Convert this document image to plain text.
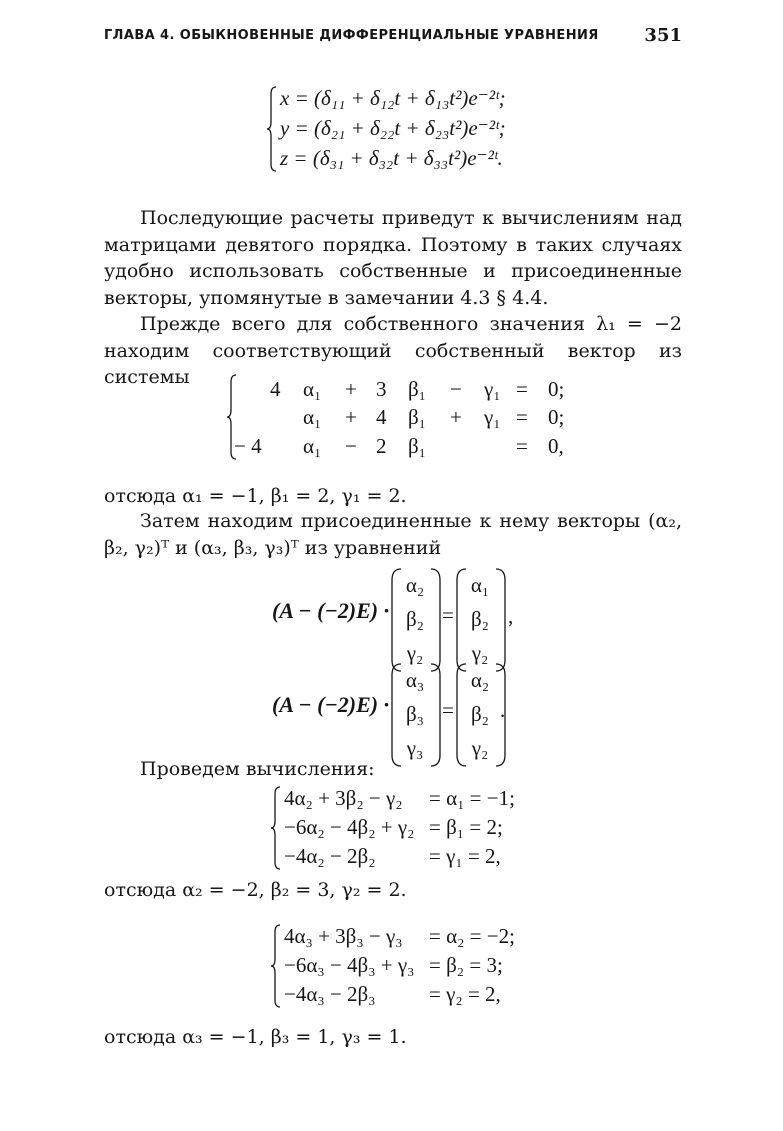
ГЛАВА 4. ОБЫКНОВЕННЫЕ ДИФФЕРЕНЦИАЛЬНЫЕ УРАВНЕНИЯ	351
x = (δ₁₁ + δ₁₂t + δ₁₃t²)e⁻²ᵗ;
y = (δ₂₁ + δ₂₂t + δ₂₃t²)e⁻²ᵗ;
z = (δ₃₁ + δ₃₂t + δ₃₃t²)e⁻²ᵗ.

Последующие расчеты приведут к вычислениям над матрицами девятого порядка. Поэтому в таких случаях удобно использовать собственные и присоединенные векторы, упомянутые в замечании 4.3 § 4.4.

Прежде всего для собственного значения λ₁ = −2 находим соответствующий собственный вектор из системы	4 α₁ + 3 β₁ − γ₁ = 0;
α₁ + 4 β₁ + γ₁ = 0;
− 4 α₁ − 2 β₁	= 0,
отсюда α₁ = −1, β₁ = 2, γ₁ = 2.

Затем находим присоединенные к нему векторы (α₂, β₂, γ₂)ᵀ и (α₃, β₃, γ₃)ᵀ из уравнений

(A − (−2)E) ·
α₂
β₂
γ₂
=
α₁
β₂
γ₂
,
(A − (−2)E) ·
α₃
β₃
γ₃
=
α₂
β₂
γ₂
.
Проведем вычисления:
4α₂ + 3β₂ − γ₂ = α₁ = −1;
−6α₂ − 4β₂ + γ₂ = β₁ = 2;
−4α₂ − 2β₂	= γ₁ = 2,
отсюда α₂ = −2, β₂ = 3, γ₂ = 2.
4α₃ + 3β₃ − γ₃ = α₂ = −2;
−6α₃ − 4β₃ + γ₃ = β₂ = 3;
−4α₃ − 2β₃	= γ₂ = 2,
отсюда α₃ = −1, β₃ = 1, γ₃ = 1.
